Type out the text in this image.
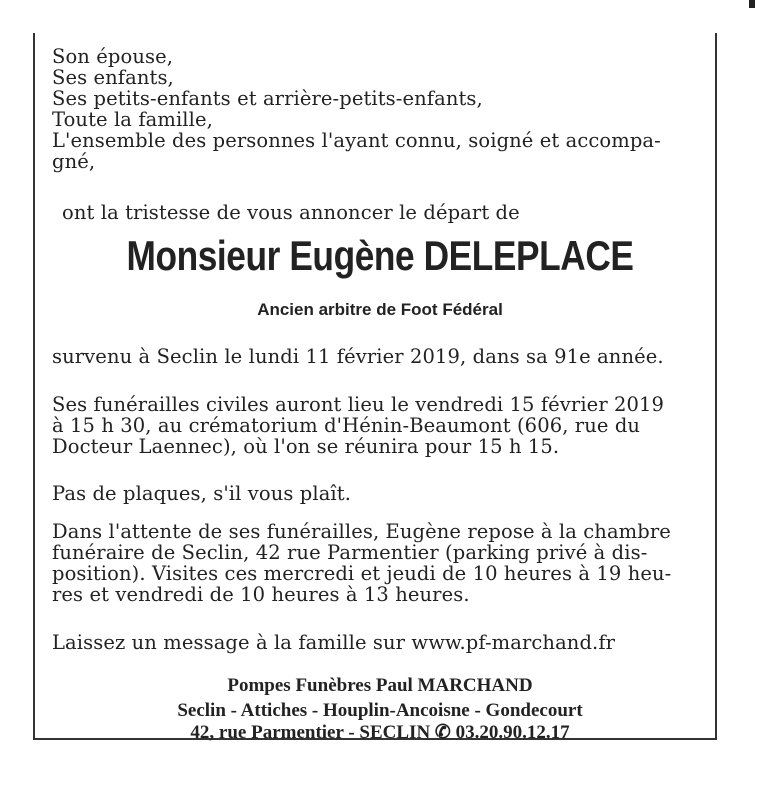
Son épouse,

Ses enfants,

Ses petits-enfants et arrière-petits-enfants,

Toute la famille,

L'ensemble des personnes l'ayant connu, soigné et accompa-

gné,

ont la tristesse de vous annoncer le départ de
Monsieur Eugène DELEPLACE
Ancien arbitre de Foot Fédéral
survenu à Seclin le lundi 11 février 2019, dans sa 91e année.

Ses funérailles civiles auront lieu le vendredi 15 février 2019

à 15 h 30, au crématorium d'Hénin-Beaumont (606, rue du

Docteur Laennec), où l'on se réunira pour 15 h 15.

Pas de plaques, s'il vous plaît.

Dans l'attente de ses funérailles, Eugène repose à la chambre

funéraire de Seclin, 42 rue Parmentier (parking privé à dis-

position). Visites ces mercredi et jeudi de 10 heures à 19 heu-

res et vendredi de 10 heures à 13 heures.

Laissez un message à la famille sur www.pf-marchand.fr
Pompes Funèbres Paul MARCHAND
Seclin - Attiches - Houplin-Ancoisne - Gondecourt
42, rue Parmentier - SECLIN ✆ 03.20.90.12.17
